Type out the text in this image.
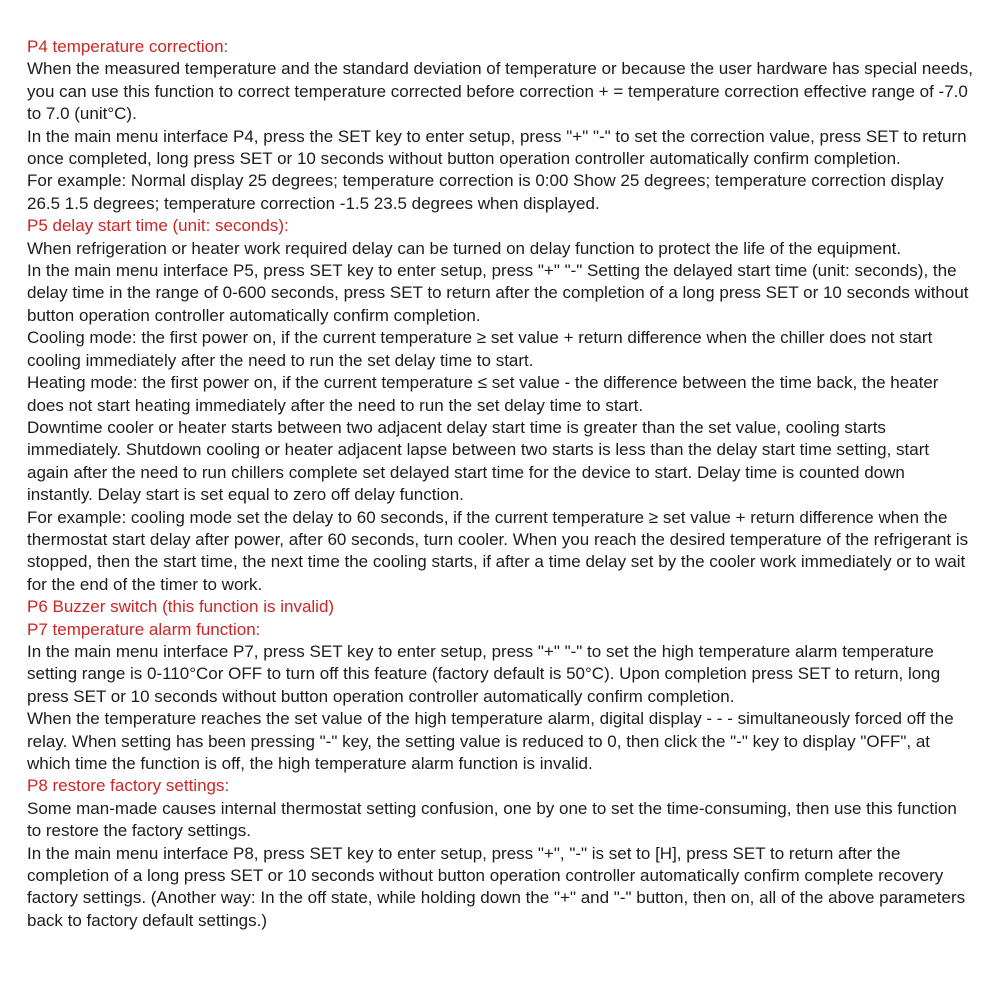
P4 temperature correction:

When the measured temperature and the standard deviation of temperature or because the user hardware has special needs, you can use this function to correct temperature corrected before correction + = temperature correction effective range of -7.0 to 7.0 (unit°C).

In the main menu interface P4, press the SET key to enter setup, press "+" "-" to set the correction value, press SET to return once completed, long press SET or 10 seconds without button operation controller automatically confirm completion.

For example: Normal display 25 degrees; temperature correction is 0:00 Show 25 degrees; temperature correction display 26.5 1.5 degrees; temperature correction -1.5 23.5 degrees when displayed.

P5 delay start time (unit: seconds):

When refrigeration or heater work required delay can be turned on delay function to protect the life of the equipment.

In the main menu interface P5, press SET key to enter setup, press "+" "-" Setting the delayed start time (unit: seconds), the delay time in the range of 0-600 seconds, press SET to return after the completion of a long press SET or 10 seconds without button operation controller automatically confirm completion.

Cooling mode: the first power on, if the current temperature ≥ set value + return difference when the chiller does not start cooling immediately after the need to run the set delay time to start.

Heating mode: the first power on, if the current temperature ≤ set value - the difference between the time back, the heater does not start heating immediately after the need to run the set delay time to start.

Downtime cooler or heater starts between two adjacent delay start time is greater than the set value, cooling starts immediately. Shutdown cooling or heater adjacent lapse between two starts is less than the delay start time setting, start again after the need to run chillers complete set delayed start time for the device to start. Delay time is counted down instantly. Delay start is set equal to zero off delay function.

For example: cooling mode set the delay to 60 seconds, if the current temperature ≥ set value + return difference when the thermostat start delay after power, after 60 seconds, turn cooler. When you reach the desired temperature of the refrigerant is stopped, then the start time, the next time the cooling starts, if after a time delay set by the cooler work immediately or to wait for the end of the timer to work.

P6 Buzzer switch (this function is invalid)
P7 temperature alarm function:

In the main menu interface P7, press SET key to enter setup, press "+" "-" to set the high temperature alarm temperature setting range is 0-110°Cor OFF to turn off this feature (factory default is 50°C). Upon completion press SET to return, long press SET or 10 seconds without button operation controller automatically confirm completion.

When the temperature reaches the set value of the high temperature alarm, digital display - - - simultaneously forced off the relay. When setting has been pressing "-" key, the setting value is reduced to 0, then click the "-" key to display "OFF", at which time the function is off, the high temperature alarm function is invalid.

P8 restore factory settings:

Some man-made causes internal thermostat setting confusion, one by one to set the time-consuming, then use this function to restore the factory settings.

In the main menu interface P8, press SET key to enter setup, press "+", "-" is set to [H], press SET to return after the completion of a long press SET or 10 seconds without button operation controller automatically confirm complete recovery factory settings. (Another way: In the off state, while holding down the "+" and "-" button, then on, all of the above parameters back to factory default settings.)
